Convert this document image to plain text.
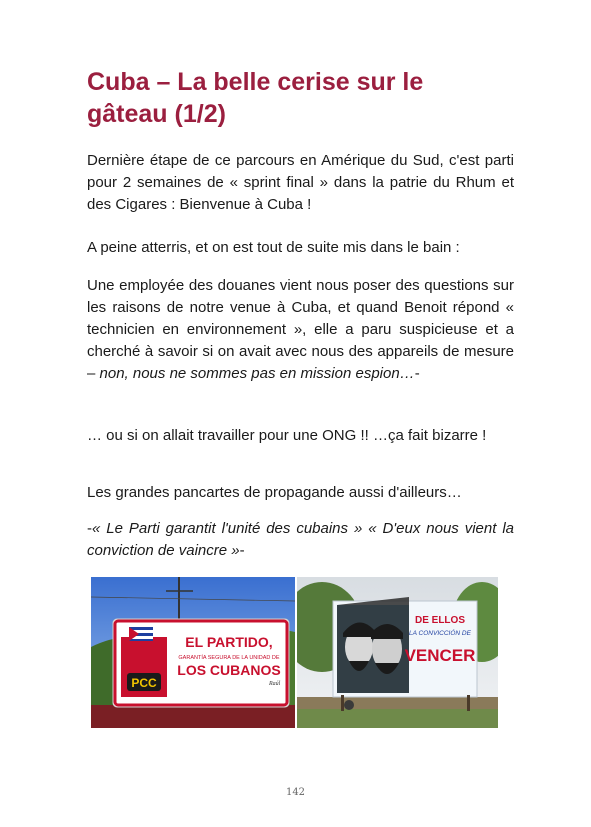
Cuba – La belle cerise sur le gâteau (1/2)

Dernière étape de ce parcours en Amérique du Sud, c'est parti pour 2 semaines de « sprint final » dans la patrie du Rhum et des Cigares : Bienvenue à Cuba !

A peine atterris, et on est tout de suite mis dans le bain :

Une employée des douanes vient nous poser des questions sur les raisons de notre venue à Cuba, et quand Benoit répond « technicien en environnement », elle a paru suspicieuse et a cherché à savoir si on avait avec nous des appareils de mesure – non, nous ne sommes pas en mission espion…-

… ou si on allait travailler pour une ONG !! …ça fait bizarre !

Les grandes pancartes de propagande aussi d'ailleurs…

-« Le Parti garantit l'unité des cubains » « D'eux nous vient la conviction de vaincre »-

PCC
EL PARTIDO,
GARANTÍA SEGURA DE LA UNIDAD DE
LOS CUBANOS
Raúl
DE ELLOS
LA CONVICCIÓN DE
VENCER
142
